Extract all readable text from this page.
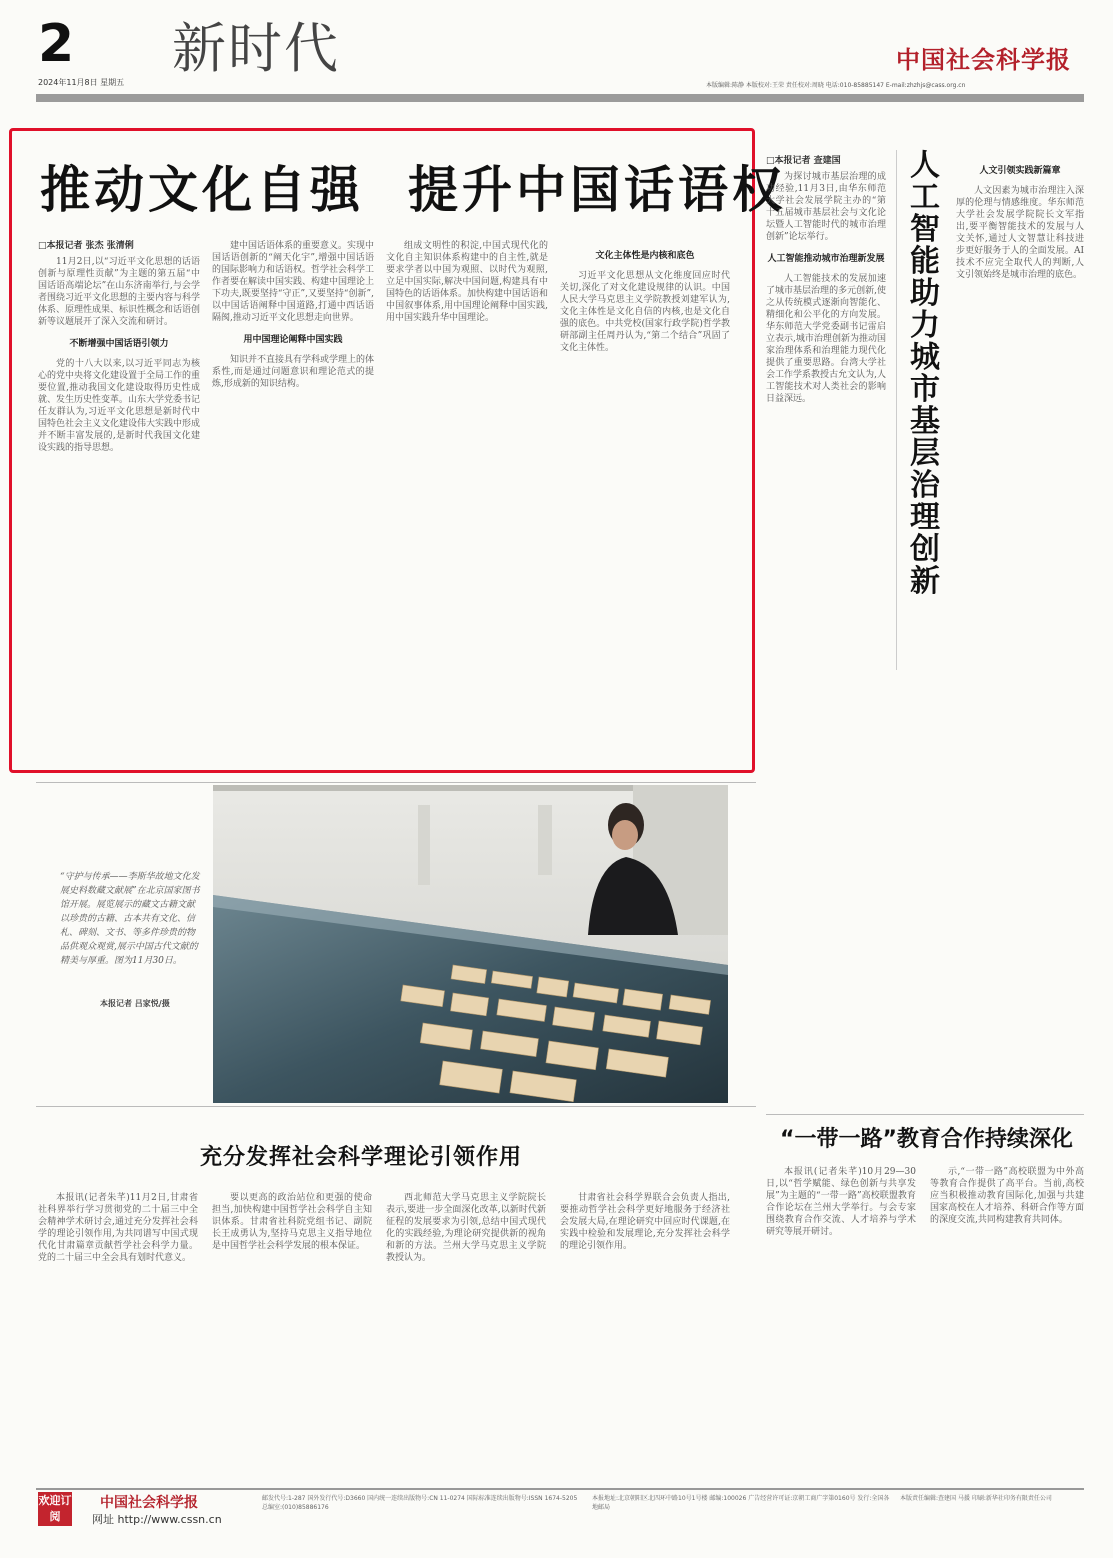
2
2024年11月8日 星期五
新时代	中国社会科学报
本版编辑:陈静 本版校对:王荣 责任校对:周晓 电话:010-85885147 E-mail:zhzhjs@cass.org.cn
推动文化自强 提升中国话语权

□本报记者 张杰 张清俐

11月2日,以“习近平文化思想的话语创新与原理性贡献”为主题的第五届“中国话语高端论坛”在山东济南举行,与会学者围绕习近平文化思想的主要内容与科学体系、原理性成果、标识性概念和话语创新等议题展开了深入交流和研讨。

不断增强中国话语引领力

党的十八大以来,以习近平同志为核心的党中央将文化建设置于全局工作的重要位置,推动我国文化建设取得历史性成就、发生历史性变革。山东大学党委书记任友群认为,习近平文化思想是新时代中国特色社会主义文化建设伟大实践中形成并不断丰富发展的,是新时代我国文化建设实践的指导思想。

建中国话语体系的重要意义。实现中国话语创新的“阐天化宇”,增强中国话语的国际影响力和话语权。哲学社会科学工作者要在解读中国实践、构建中国理论上下功夫,既要坚持“守正”,又要坚持“创新”,以中国话语阐释中国道路,打通中西话语隔阂,推动习近平文化思想走向世界。

用中国理论阐释中国实践

知识并不直接具有学科或学理上的体系性,而是通过问题意识和理论范式的提炼,形成新的知识结构。

组成文明性的积淀,中国式现代化的文化自主知识体系构建中的自主性,就是要求学者以中国为观照、以时代为观照,立足中国实际,解决中国问题,构建具有中国特色的话语体系。加快构建中国话语和中国叙事体系,用中国理论阐释中国实践,用中国实践升华中国理论。

文化主体性是内核和底色

习近平文化思想从文化维度回应时代关切,深化了对文化建设规律的认识。中国人民大学马克思主义学院教授刘建军认为,文化主体性是文化自信的内核,也是文化自强的底色。中共党校(国家行政学院)哲学教研部副主任周丹认为,“第二个结合”巩固了文化主体性。

□本报记者 查建国

为探讨城市基层治理的成功经验,11月3日,由华东师范大学社会发展学院主办的“第十五届城市基层社会与文化论坛暨人工智能时代的城市治理创新”论坛举行。

人工智能推动城市治理新发展

人工智能技术的发展加速了城市基层治理的多元创新,使之从传统模式逐渐向智能化、精细化和公平化的方向发展。华东师范大学党委副书记雷启立表示,城市治理创新为推动国家治理体系和治理能力现代化提供了重要思路。台湾大学社会工作学系教授古允文认为,人工智能技术对人类社会的影响日益深远。

人工智能助力城市基层治理创新

人文引领实践新篇章

人文因素为城市治理注入深厚的伦理与情感维度。华东师范大学社会发展学院院长文军指出,要平衡智能技术的发展与人文关怀,通过人文智慧让科技进步更好服务于人的全面发展。AI技术不应完全取代人的判断,人文引领始终是城市治理的底色。

“守护与传承——李斯华故地文化发展史料数藏文献展”在北京国家图书馆开展。展览展示的藏文古籍文献以珍贵的古籍、古本共有文化、信札、碑刻、文书、等多件珍贵的物品供观众观赏,展示中国古代文献的精美与厚重。图为11月30日。
本报记者 吕家悦/摄
充分发挥社会科学理论引领作用

本报讯(记者朱芊)11月2日,甘肃省社科界举行学习贯彻党的二十届三中全会精神学术研讨会,通过充分发挥社会科学的理论引领作用,为共同谱写中国式现代化甘肃篇章贡献哲学社会科学力量。党的二十届三中全会具有划时代意义。

要以更高的政治站位和更强的使命担当,加快构建中国哲学社会科学自主知识体系。甘肃省社科院党组书记、副院长王成勇认为,坚持马克思主义指导地位是中国哲学社会科学发展的根本保证。

西北师范大学马克思主义学院院长表示,要进一步全面深化改革,以新时代新征程的发展要求为引领,总结中国式现代化的实践经验,为理论研究提供新的视角和新的方法。兰州大学马克思主义学院教授认为。

甘肃省社会科学界联合会负责人指出,要推动哲学社会科学更好地服务于经济社会发展大局,在理论研究中回应时代课题,在实践中检验和发展理论,充分发挥社会科学的理论引领作用。

“一带一路”教育合作持续深化

本报讯(记者朱芊)10月29—30日,以“哲学赋能、绿色创新与共享发展”为主题的“一带一路”高校联盟教育合作论坛在兰州大学举行。与会专家围绕教育合作交流、人才培养与学术研究等展开研讨。

示,“一带一路”高校联盟为中外高等教育合作提供了高平台。当前,高校应当积极推动教育国际化,加强与共建国家高校在人才培养、科研合作等方面的深度交流,共同构建教育共同体。

欢迎订阅
中国社会科学报
网址 http://www.cssn.cn
邮发代号:1-287 国外发行代号:D3660 国内统一连续出版物号:CN 11-0274 国际标准连续出版物号:ISSN 1674-5205 总编室:(010)85886176
本报地址:北京朝阳区北四环中路10号1号楼 邮编:100026 广告经营许可证:京朝工商广字第0160号 发行:全国各地邮局
本版责任编辑:查建国 马援 印刷:新华社印务有限责任公司
